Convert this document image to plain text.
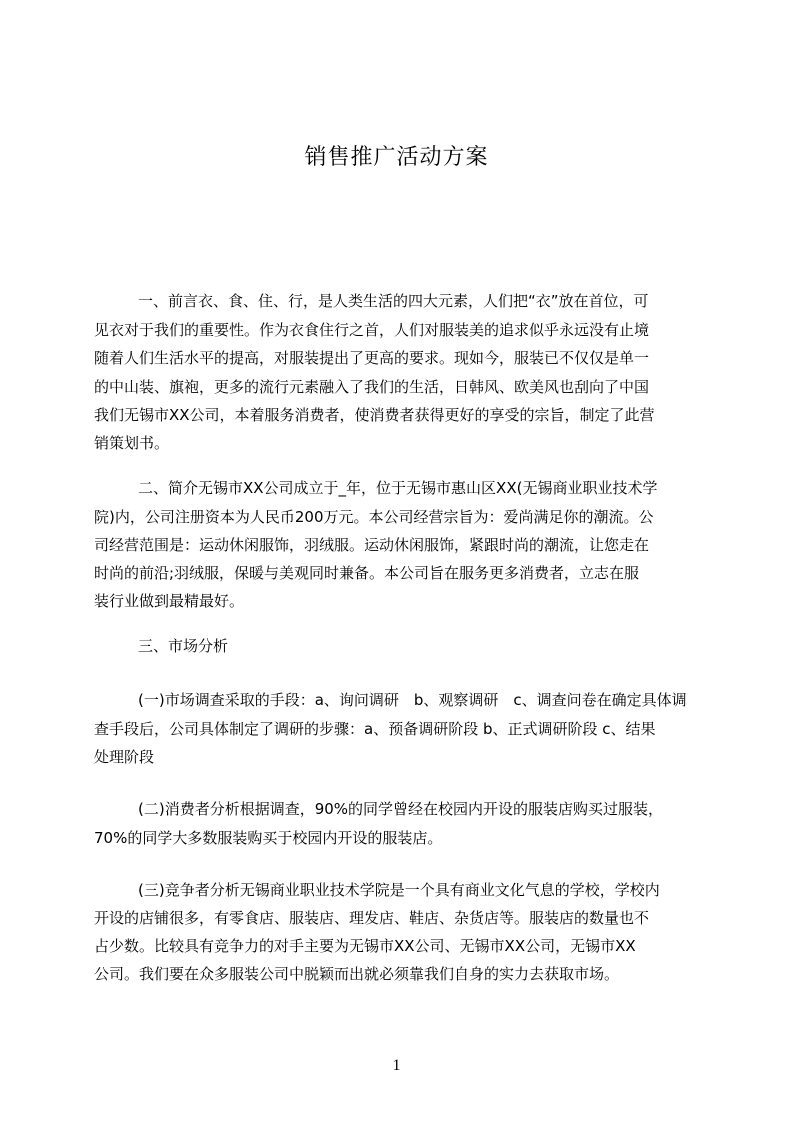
销售推广活动方案

一、前言衣、食、住、行，是人类生活的四大元素，人们把“衣”放在首位，可

见衣对于我们的重要性。作为衣食住行之首，人们对服装美的追求似乎永远没有止境

随着人们生活水平的提高，对服装提出了更高的要求。现如今，服装已不仅仅是单一

的中山装、旗袍，更多的流行元素融入了我们的生活，日韩风、欧美风也刮向了中国

我们无锡市XX公司，本着服务消费者，使消费者获得更好的享受的宗旨，制定了此营

销策划书。

二、简介无锡市XX公司成立于_年，位于无锡市惠山区XX(无锡商业职业技术学

院)内，公司注册资本为人民币200万元。本公司经营宗旨为：爱尚满足你的潮流。公

司经营范围是：运动休闲服饰，羽绒服。运动休闲服饰，紧跟时尚的潮流，让您走在

时尚的前沿;羽绒服，保暖与美观同时兼备。本公司旨在服务更多消费者，立志在服

装行业做到最精最好。

三、市场分析

(一)市场调查采取的手段：a、询问调研　b、观察调研　c、调查问卷在确定具体调

查手段后，公司具体制定了调研的步骤：a、预备调研阶段 b、正式调研阶段 c、结果

处理阶段

(二)消费者分析根据调查，90%的同学曾经在校园内开设的服装店购买过服装，

70%的同学大多数服装购买于校园内开设的服装店。

(三)竞争者分析无锡商业职业技术学院是一个具有商业文化气息的学校，学校内

开设的店铺很多，有零食店、服装店、理发店、鞋店、杂货店等。服装店的数量也不

占少数。比较具有竞争力的对手主要为无锡市XX公司、无锡市XX公司，无锡市XX

公司。我们要在众多服装公司中脱颖而出就必须靠我们自身的实力去获取市场。

1
